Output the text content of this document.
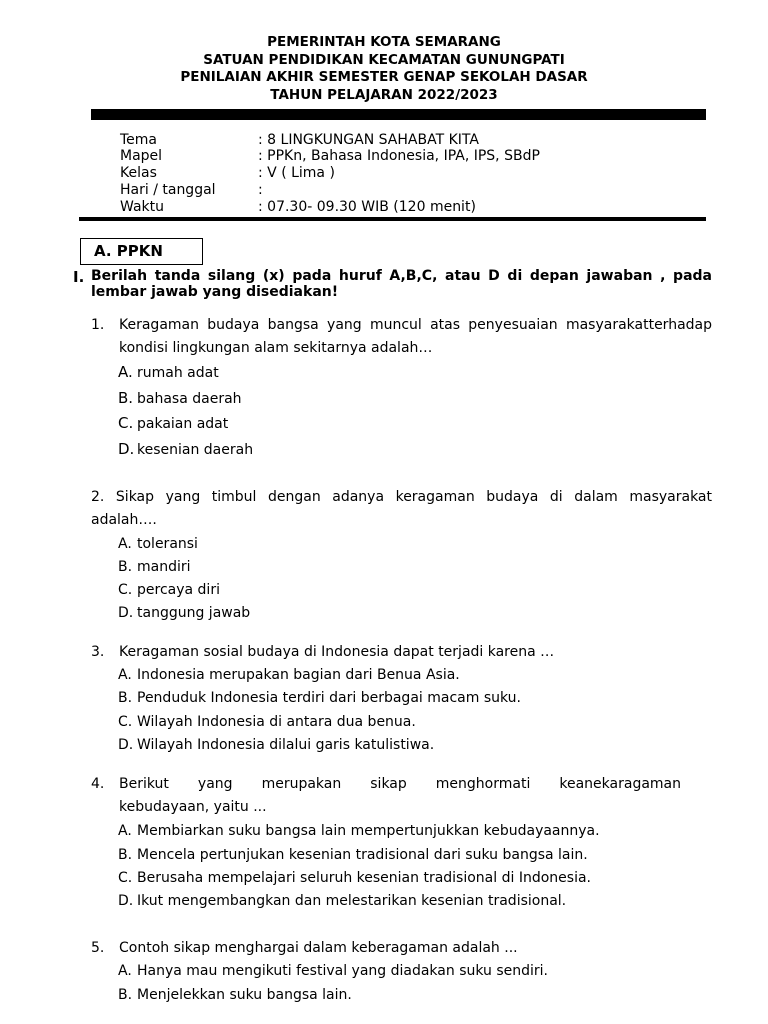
PEMERINTAH KOTA SEMARANG
SATUAN PENDIDIKAN KECAMATAN GUNUNGPATI
PENILAIAN AKHIR SEMESTER GENAP SEKOLAH DASAR
TAHUN PELAJARAN 2022/2023
Tema	: 8 LINGKUNGAN SAHABAT KITA
Mapel	: PPKn, Bahasa Indonesia, IPA, IPS, SBdP
Kelas	: V ( Lima )
Hari / tanggal	:
Waktu	: 07.30- 09.30 WIB (120 menit)
A. PPKN
I. Berilah tanda silang (x) pada huruf A,B,C, atau D di depan jawaban , pada
lembar jawab yang disediakan!
1. Keragaman budaya bangsa yang muncul atas penyesuaian masyarakatterhadap
kondisi lingkungan alam sekitarnya adalah…
A. rumah adat
B. bahasa daerah
C. pakaian adat
D. kesenian daerah
2. Sikap yang timbul dengan adanya keragaman budaya di dalam masyarakat
adalah….
A. toleransi
B. mandiri
C. percaya diri
D. tanggung jawab
3. Keragaman sosial budaya di Indonesia dapat terjadi karena …
A. Indonesia merupakan bagian dari Benua Asia.
B. Penduduk Indonesia terdiri dari berbagai macam suku.
C. Wilayah Indonesia di antara dua benua.
D. Wilayah Indonesia dilalui garis katulistiwa.
4. Berikut yang merupakan sikap menghormati keanekaragaman
kebudayaan, yaitu ...
A. Membiarkan suku bangsa lain mempertunjukkan kebudayaannya.
B. Mencela pertunjukan kesenian tradisional dari suku bangsa lain.
C. Berusaha mempelajari seluruh kesenian tradisional di Indonesia.
D. Ikut mengembangkan dan melestarikan kesenian tradisional.
5. Contoh sikap menghargai dalam keberagaman adalah ...
A. Hanya mau mengikuti festival yang diadakan suku sendiri.
B. Menjelekkan suku bangsa lain.
